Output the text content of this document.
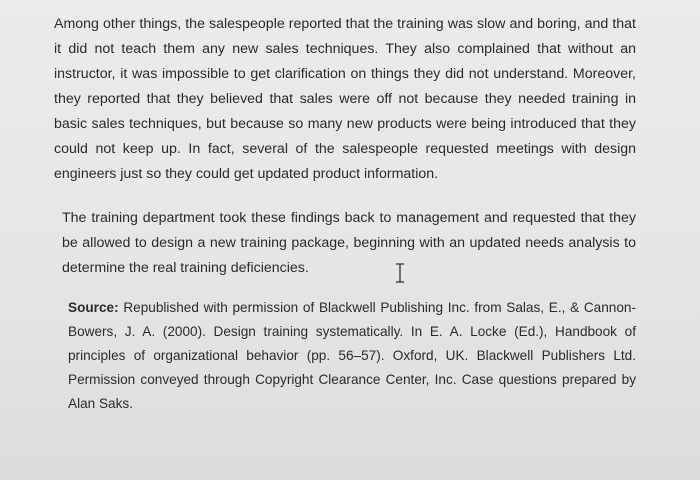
Among other things, the salespeople reported that the training was slow and boring, and that it did not teach them any new sales techniques. They also complained that without an instructor, it was impossible to get clarification on things they did not understand. Moreover, they reported that they believed that sales were off not because they needed training in basic sales techniques, but because so many new products were being introduced that they could not keep up. In fact, several of the salespeople requested meetings with design engineers just so they could get updated product information.

The training department took these findings back to management and requested that they be allowed to design a new training package, beginning with an updated needs analysis to determine the real training deficiencies.

Source: Republished with permission of Blackwell Publishing Inc. from Salas, E., & Cannon-Bowers, J. A. (2000). Design training systematically. In E. A. Locke (Ed.), Handbook of principles of organizational behavior (pp. 56–57). Oxford, UK. Blackwell Publishers Ltd. Permission conveyed through Copyright Clearance Center, Inc. Case questions prepared by Alan Saks.
